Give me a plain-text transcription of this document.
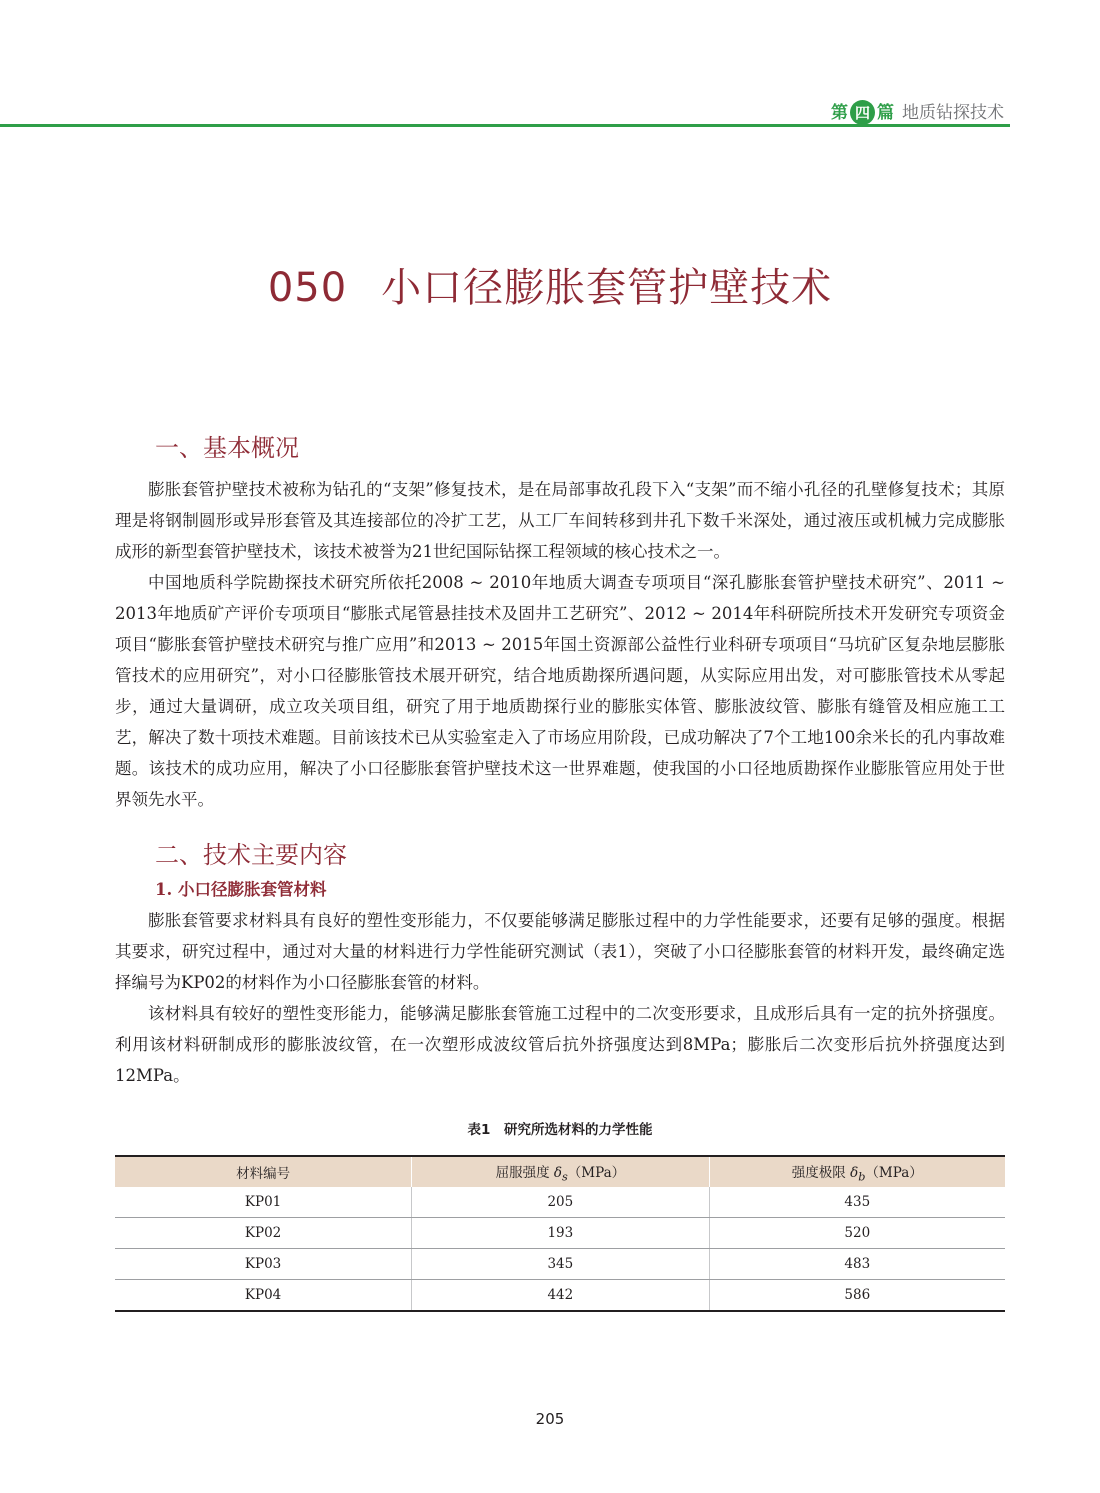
第 四 篇 地质钻探技术
050 小口径膨胀套管护壁技术
一、基本概况

膨胀套管护壁技术被称为钻孔的“支架”修复技术，是在局部事故孔段下入“支架”而不缩小孔径的孔壁修复技术；其原理是将钢制圆形或异形套管及其连接部位的冷扩工艺，从工厂车间转移到井孔下数千米深处，通过液压或机械力完成膨胀成形的新型套管护壁技术，该技术被誉为21世纪国际钻探工程领域的核心技术之一。

中国地质科学院勘探技术研究所依托2008 ~ 2010年地质大调查专项项目“深孔膨胀套管护壁技术研究”、2011 ~ 2013年地质矿产评价专项项目“膨胀式尾管悬挂技术及固井工艺研究”、2012 ~ 2014年科研院所技术开发研究专项资金项目“膨胀套管护壁技术研究与推广应用”和2013 ~ 2015年国土资源部公益性行业科研专项项目“马坑矿区复杂地层膨胀管技术的应用研究”，对小口径膨胀管技术展开研究，结合地质勘探所遇问题，从实际应用出发，对可膨胀管技术从零起步，通过大量调研，成立攻关项目组，研究了用于地质勘探行业的膨胀实体管、膨胀波纹管、膨胀有缝管及相应施工工艺，解决了数十项技术难题。目前该技术已从实验室走入了市场应用阶段，已成功解决了7个工地100余米长的孔内事故难题。该技术的成功应用，解决了小口径膨胀套管护壁技术这一世界难题，使我国的小口径地质勘探作业膨胀管应用处于世界领先水平。

二、技术主要内容
1. 小口径膨胀套管材料

膨胀套管要求材料具有良好的塑性变形能力，不仅要能够满足膨胀过程中的力学性能要求，还要有足够的强度。根据其要求，研究过程中，通过对大量的材料进行力学性能研究测试（表1），突破了小口径膨胀套管的材料开发，最终确定选择编号为KP02的材料作为小口径膨胀套管的材料。

该材料具有较好的塑性变形能力，能够满足膨胀套管施工过程中的二次变形要求，且成形后具有一定的抗外挤强度。利用该材料研制成形的膨胀波纹管，在一次塑形成波纹管后抗外挤强度达到8MPa；膨胀后二次变形后抗外挤强度达到12MPa。

表1　研究所选材料的力学性能
材料编号	屈服强度 $\delta_s(MPa)$	强度极限 $\delta_b(MPa)$
KP01	205	435
KP02	193	520
KP03	345	483
KP04	442	586
205
